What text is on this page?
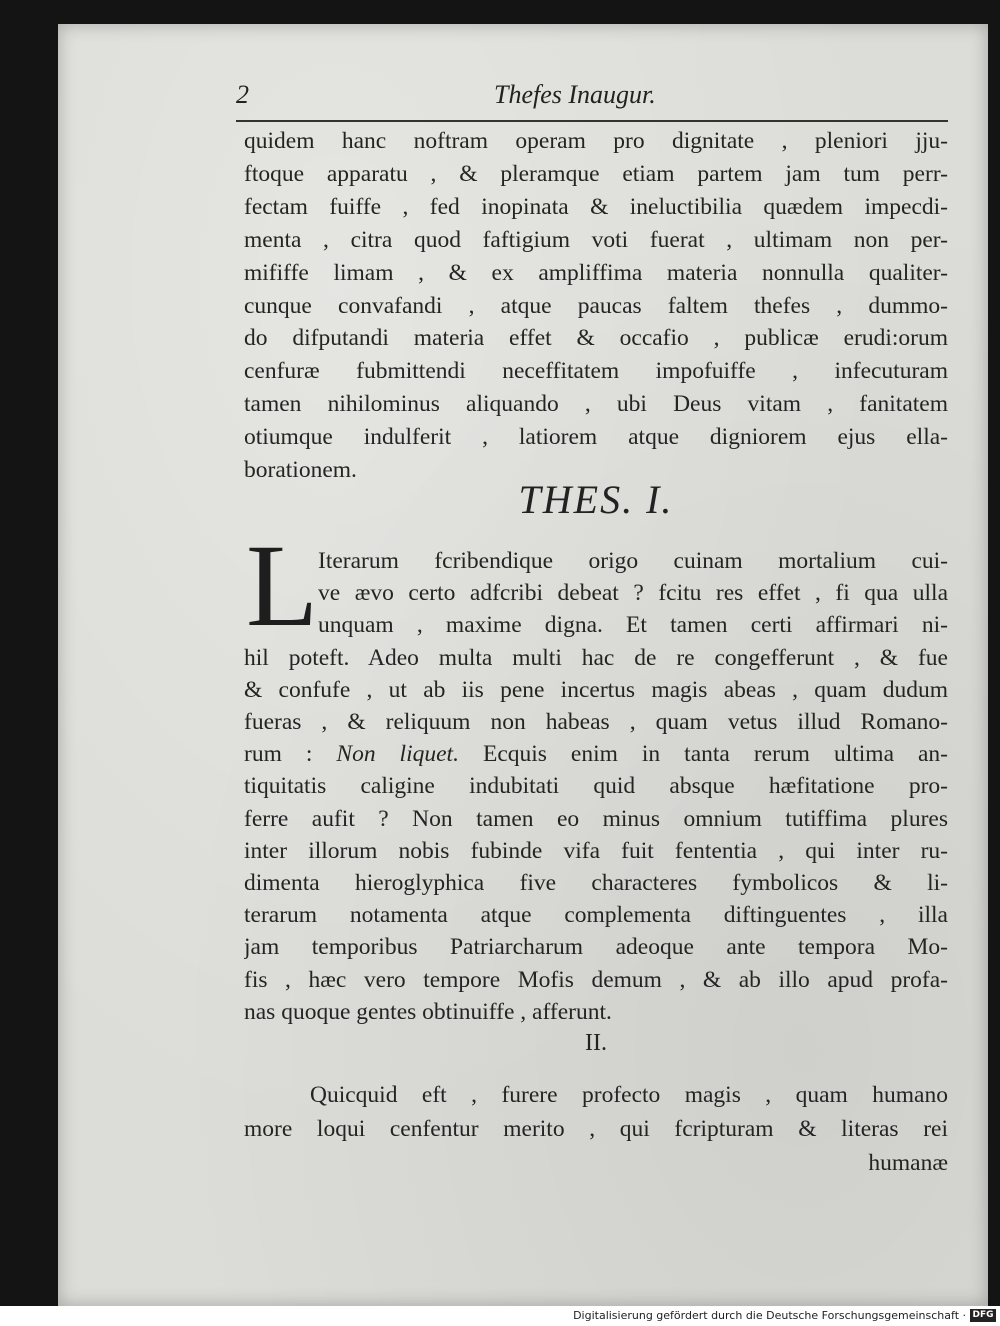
2	Thefes Inaugur.
quidem hanc noftram operam pro dignitate , pleniori jju-
ftoque apparatu , & pleramque etiam partem jam tum perr-
fectam fuiffe , fed inopinata & ineluctibilia quædem impecdi-
menta , citra quod faftigium voti fuerat , ultimam non per-
mififfe limam , & ex ampliffima materia nonnulla qualiter-
cunque convafandi , atque paucas faltem thefes , dummo-
do difputandi materia effet & occafio , publicæ erudi:orum
cenfuræ fubmittendi neceffitatem impofuiffe , infecuturam
tamen nihilominus aliquando , ubi Deus vitam , fanitatem
otiumque indulferit , latiorem atque digniorem ejus ella-
borationem.
THES. I.
L Iterarum fcribendique origo cuinam mortalium cui-
ve ævo certo adfcribi debeat ? fcitu res effet , fi qua ulla
unquam , maxime digna. Et tamen certi affirmari ni-
hil poteft. Adeo multa multi hac de re congefferunt , & fue
& confufe , ut ab iis pene incertus magis abeas , quam dudum
fueras , & reliquum non habeas , quam vetus illud Romano-
rum : Non liquet. Ecquis enim in tanta rerum ultima an-
tiquitatis caligine indubitati quid absque hæfitatione pro-
ferre aufit ? Non tamen eo minus omnium tutiffima plures
inter illorum nobis fubinde vifa fuit fententia , qui inter ru-
dimenta hieroglyphica five characteres fymbolicos & li-
terarum notamenta atque complementa diftinguentes , illa
jam temporibus Patriarcharum adeoque ante tempora Mo-
fis , hæc vero tempore Mofis demum , & ab illo apud profa-
nas quoque gentes obtinuiffe , afferunt.
II.
Quicquid eft , furere profecto magis , quam humano
more loqui cenfentur merito , qui fcripturam & literas rei
humanæ
Digitalisierung gefördert durch die Deutsche Forschungsgemeinschaft · DFG
